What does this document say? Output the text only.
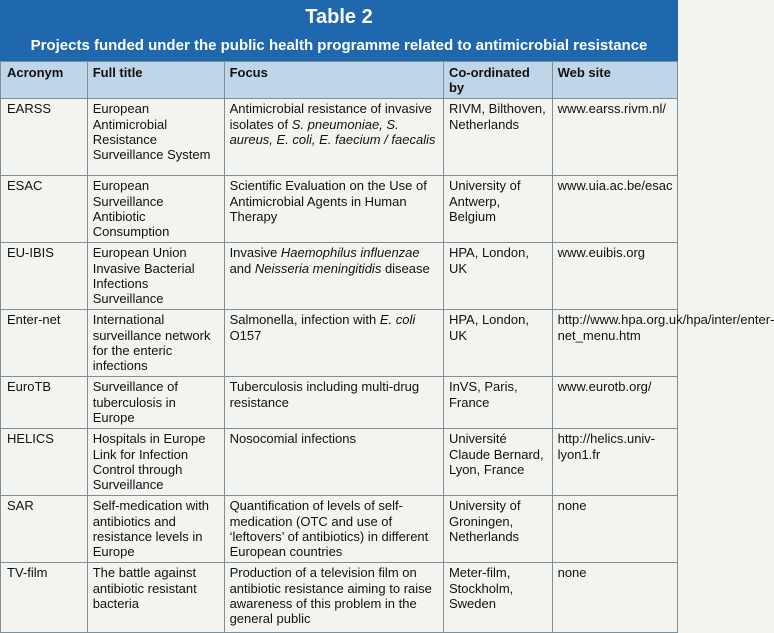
Table 2
Projects funded under the public health programme related to antimicrobial resistance
Acronym	Full title	Focus	Co-ordinated by	Web site
EARSS	European Antimicrobial Resistance Surveillance System	Antimicrobial resistance of invasive isolates of S. pneumoniae, S. aureus, E. coli, E. faecium / faecalis	RIVM, Bilthoven, Netherlands	www.earss.rivm.nl/
ESAC	European Surveillance Antibiotic Consumption	Scientific Evaluation on the Use of Antimicrobial Agents in Human Therapy	University of Antwerp, Belgium	www.uia.ac.be/esac
EU-IBIS	European Union Invasive Bacterial Infections Surveillance	Invasive Haemophilus influenzae and Neisseria meningitidis disease	HPA, London, UK	www.euibis.org
Enter-net	International surveillance network for the enteric infections	Salmonella, infection with E. coli O157	HPA, London, UK	http://www.hpa.org.uk/hpa/inter/enter-net_menu.htm
EuroTB	Surveillance of tuberculosis in Europe	Tuberculosis including multi-drug resistance	InVS, Paris, France	www.eurotb.org/
HELICS	Hospitals in Europe Link for Infection Control through Surveillance	Nosocomial infections	Université Claude Bernard, Lyon, France	http://helics.univ-lyon1.fr
SAR	Self-medication with antibiotics and resistance levels in Europe	Quantification of levels of self-medication (OTC and use of ‘leftovers’ of antibiotics) in different European countries	University of Groningen, Netherlands	none
TV-film	The battle against antibiotic resistant bacteria	Production of a television film on antibiotic resistance aiming to raise awareness of this problem in the general public	Meter-film, Stockholm, Sweden	none
